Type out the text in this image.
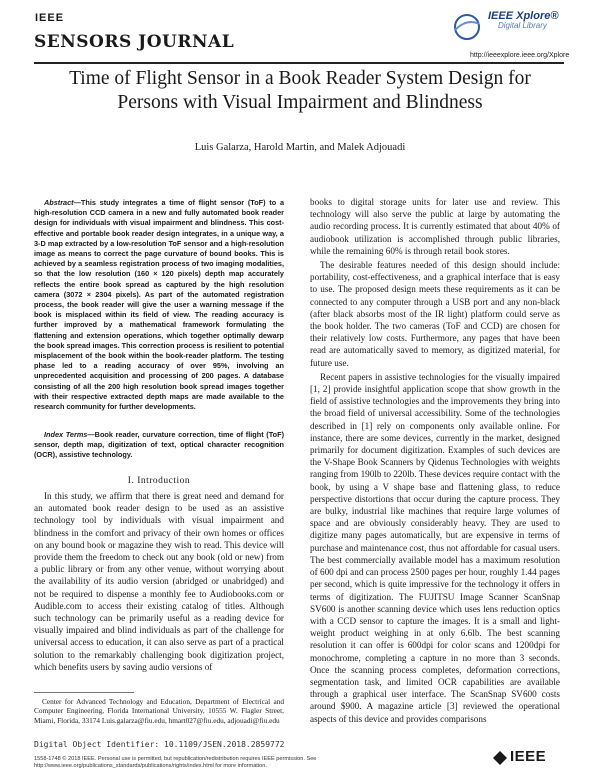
IEEE
SENSORS JOURNAL
IEEE Xplore®
Digital Library
http://ieeexplore.ieee.org/Xplore
Time of Flight Sensor in a Book Reader System Design for Persons with Visual Impairment and Blindness
Luis Galarza, Harold Martin, and Malek Adjouadi
Abstract—This study integrates a time of flight sensor (ToF) to a high-resolution CCD camera in a new and fully automated book reader design for individuals with visual impairment and blindness. This cost-effective and portable book reader design integrates, in a unique way, a 3-D map extracted by a low-resolution ToF sensor and a high-resolution image as means to correct the page curvature of bound books. This is achieved by a seamless registration process of two imaging modalities, so that the low resolution (160 × 120 pixels) depth map accurately reflects the entire book spread as captured by the high resolution camera (3072 × 2304 pixels). As part of the automated registration process, the book reader will give the user a warning message if the book is misplaced within its field of view. The reading accuracy is further improved by a mathematical framework formulating the flattening and extension operations, which together optimally dewarp the book spread images. This correction process is resilient to potential misplacement of the book within the book-reader platform. The testing phase led to a reading accuracy of over 95%, involving an unprecedented acquisition and processing of 200 pages. A database consisting of all the 200 high resolution book spread images together with their respective extracted depth maps are made available to the research community for further developments.
Index Terms—Book reader, curvature correction, time of flight (ToF) sensor, depth map, digitization of text, optical character recognition (OCR), assistive technology.
I. Introduction

In this study, we affirm that there is great need and demand for an automated book reader design to be used as an assistive technology tool by individuals with visual impairment and blindness in the comfort and privacy of their own homes or offices on any bound book or magazine they wish to read. This device will provide them the freedom to check out any book (old or new) from a public library or from any other venue, without worrying about the availability of its audio version (abridged or unabridged) and not be required to dispense a monthly fee to Audiobooks.com or Audible.com to access their existing catalog of titles. Although such technology can be primarily useful as a reading device for visually impaired and blind individuals as part of the challenge for universal access to education, it can also serve as part of a practical solution to the remarkably challenging book digitization project, which benefits users by saving audio versions of

Center for Advanced Technology and Education, Department of Electrical and Computer Engineering, Florida International University, 10555 W. Flagler Street, Miami, Florida, 33174 Luis.galarza@fiu.edu, hmart027@fiu.edu, adjouadi@fiu.edu
Digital Object Identifier: 10.1109/JSEN.2018.2859772

books to digital storage units for later use and review. This technology will also serve the public at large by automating the audio recording process. It is currently estimated that about 40% of audiobook utilization is accomplished through public libraries, while the remaining 60% is through retail book stores.

The desirable features needed of this design should include: portability, cost-effectiveness, and a graphical interface that is easy to use. The proposed design meets these requirements as it can be connected to any computer through a USB port and any non-black (after black absorbs most of the IR light) platform could serve as the book holder. The two cameras (ToF and CCD) are chosen for their relatively low costs. Furthermore, any pages that have been read are automatically saved to memory, as digitized material, for future use.

Recent papers in assistive technologies for the visually impaired [1, 2] provide insightful application scope that show growth in the field of assistive technologies and the improvements they bring into the broad field of universal accessibility. Some of the technologies described in [1] rely on components only available online. For instance, there are some devices, currently in the market, designed primarily for document digitization. Examples of such devices are the V-Shape Book Scanners by Qidenus Technologies with weights ranging from 190lb to 220lb. These devices require contact with the book, by using a V shape base and flattening glass, to reduce perspective distortions that occur during the capture process. They are bulky, industrial like machines that require large volumes of space and are obviously considerably heavy. They are used to digitize many pages automatically, but are expensive in terms of purchase and maintenance cost, thus not affordable for casual users. The best commercially available model has a maximum resolution of 600 dpi and can process 2500 pages per hour, roughly 1.44 pages per second, which is quite impressive for the technology it offers in terms of digitization. The FUJITSU Image Scanner ScanSnap SV600 is another scanning device which uses lens reduction optics with a CCD sensor to capture the images. It is a small and light-weight product weighing in at only 6.6lb. The best scanning resolution it can offer is 600dpi for color scans and 1200dpi for monochrome, completing a capture in no more than 3 seconds. Once the scanning process completes, deformation corrections, segmentation task, and limited OCR capabilities are available through a graphical user interface. The ScanSnap SV600 costs around $900. A magazine article [3] reviewed the operational aspects of this device and provides comparisons

1558-1748 © 2018 IEEE. Personal use is permitted, but republication/redistribution requires IEEE permission. See http://www.ieee.org/publications_standards/publications/rights/index.html for more information.
IEEE
